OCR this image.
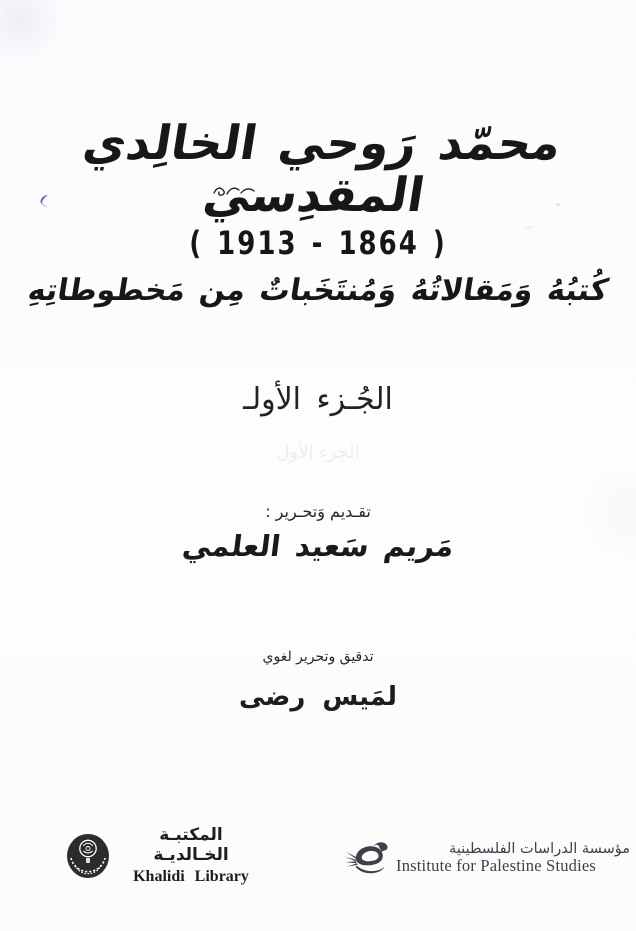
محمّد رَوحي الخالِدي المقدِسي
( 1913 - 1864 )
كُتبُهُ وَمَقالاتُهُ وَمُنتَخَباتٌ مِن مَخطوطاتِهِ
الجُـزء الأولـ
الجزء الأول
تقـديم وَتحـرير :
مَريم سَعيد العلمي
تدقيق وتحرير لغوي
لمَيس رضى
المكتبـة الخـالديـة
Khalidi Library
مؤسسة الدراسات الفلسطينية
Institute for Palestine Studies
